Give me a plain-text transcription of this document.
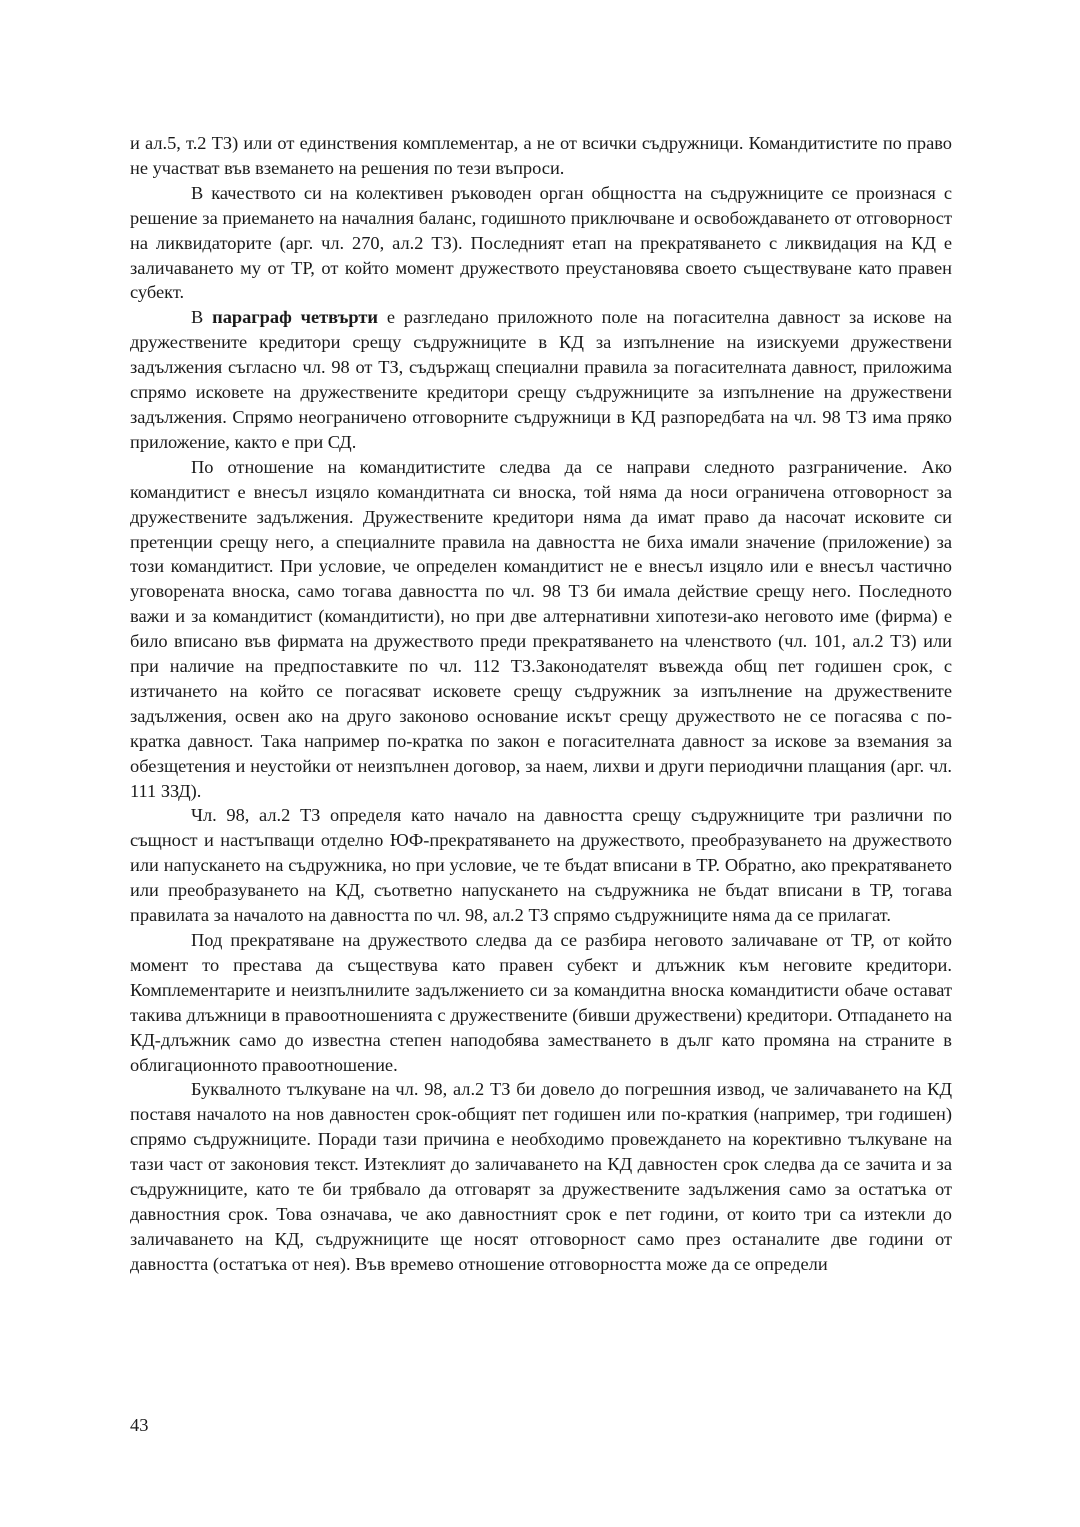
и ал.5, т.2 ТЗ) или от единствения комплементар, а не от всички съдружници. Командитистите по право не участват във вземането на решения по тези въпроси.

В качеството си на колективен ръководен орган общността на съдружниците се произнася с решение за приемането на началния баланс, годишното приключване и освобождаването от отговорност на ликвидаторите (арг. чл. 270, ал.2 ТЗ). Последният етап на прекратяването с ликвидация на КД е заличаването му от ТР, от който момент дружеството преустановява своето съществуване като правен субект.

В параграф четвърти е разгледано приложното поле на погасителна давност за искове на дружествените кредитори срещу съдружниците в КД за изпълнение на изискуеми дружествени задължения съгласно чл. 98 от ТЗ, съдържащ специални правила за погасителната давност, приложима спрямо исковете на дружествените кредитори срещу съдружниците за изпълнение на дружествени задължения. Спрямо неограничено отговорните съдружници в КД разпоредбата на чл. 98 ТЗ има пряко приложение, както е при СД.

По отношение на командитистите следва да се направи следното разграничение. Ако командитист е внесъл изцяло командитната си вноска, той няма да носи ограничена отговорност за дружествените задължения. Дружествените кредитори няма да имат право да насочат исковите си претенции срещу него, а специалните правила на давността не биха имали значение (приложение) за този командитист. При условие, че определен командитист не е внесъл изцяло или е внесъл частично уговорената вноска, само тогава давността по чл. 98 ТЗ би имала действие срещу него. Последното важи и за командитист (командитисти), но при две алтернативни хипотези-ако неговото име (фирма) е било вписано във фирмата на дружеството преди прекратяването на членството (чл. 101, ал.2 ТЗ) или при наличие на предпоставките по чл. 112 ТЗ.Законодателят въвежда общ пет годишен срок, с изтичането на който се погасяват исковете срещу съдружник за изпълнение на дружествените задължения, освен ако на друго законово основание искът срещу дружеството не се погасява с по-кратка давност. Така например по-кратка по закон е погасителната давност за искове за вземания за обезщетения и неустойки от неизпълнен договор, за наем, лихви и други периодични плащания (арг. чл. 111 ЗЗД).

Чл. 98, ал.2 ТЗ определя като начало на давността срещу съдружниците три различни по същност и настъпващи отделно ЮФ-прекратяването на дружеството, преобразуването на дружеството или напускането на съдружника, но при условие, че те бъдат вписани в ТР. Обратно, ако прекратяването или преобразуването на КД, съответно напускането на съдружника не бъдат вписани в ТР, тогава правилата за началото на давността по чл. 98, ал.2 ТЗ спрямо съдружниците няма да се прилагат.

Под прекратяване на дружеството следва да се разбира неговото заличаване от ТР, от който момент то престава да съществува като правен субект и длъжник към неговите кредитори. Комплементарите и неизпълнилите задължението си за командитна вноска командитисти обаче остават такива длъжници в правоотношенията с дружествените (бивши дружествени) кредитори. Отпадането на КД-длъжник само до известна степен наподобява заместването в дълг като промяна на страните в облигационното правоотношение.

Буквалното тълкуване на чл. 98, ал.2 ТЗ би довело до погрешния извод, че заличаването на КД поставя началото на нов давностен срок-общият пет годишен или по-краткия (например, три годишен) спрямо съдружниците. Поради тази причина е необходимо провеждането на корективно тълкуване на тази част от законовия текст. Изтеклият до заличаването на КД давностен срок следва да се зачита и за съдружниците, като те би трябвало да отговарят за дружествените задължения само за остатъка от давностния срок. Това означава, че ако давностният срок е пет години, от които три са изтекли до заличаването на КД, съдружниците ще носят отговорност само през останалите две години от давността (остатъка от нея). Във времево отношение отговорността може да се определи

43
